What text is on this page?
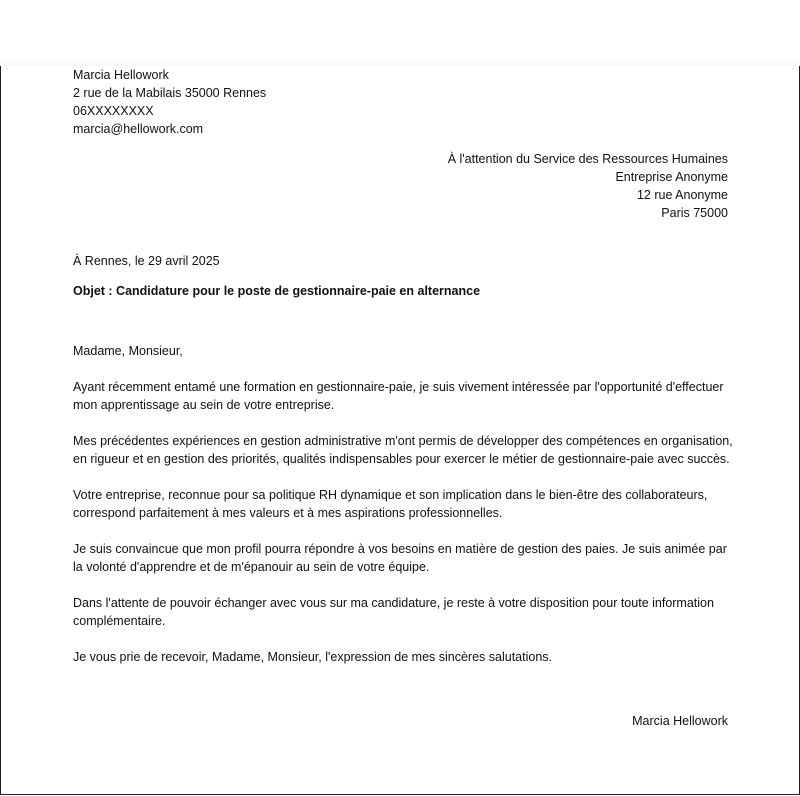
Marcia Hellowork
2 rue de la Mabilais 35000 Rennes
06XXXXXXXX
marcia@hellowork.com
À l'attention du Service des Ressources Humaines
Entreprise Anonyme
12 rue Anonyme
Paris 75000
À Rennes, le 29 avril 2025
Objet : Candidature pour le poste de gestionnaire-paie en alternance

Madame, Monsieur,

Ayant récemment entamé une formation en gestionnaire-paie, je suis vivement intéressée par l'opportunité d'effectuer mon apprentissage au sein de votre entreprise.

Mes précédentes expériences en gestion administrative m'ont permis de développer des compétences en organisation, en rigueur et en gestion des priorités, qualités indispensables pour exercer le métier de gestionnaire-paie avec succès.

Votre entreprise, reconnue pour sa politique RH dynamique et son implication dans le bien-être des collaborateurs, correspond parfaitement à mes valeurs et à mes aspirations professionnelles.

Je suis convaincue que mon profil pourra répondre à vos besoins en matière de gestion des paies. Je suis animée par la volonté d'apprendre et de m'épanouir au sein de votre équipe.

Dans l'attente de pouvoir échanger avec vous sur ma candidature, je reste à votre disposition pour toute information complémentaire.

Je vous prie de recevoir, Madame, Monsieur, l'expression de mes sincères salutations.

Marcia Hellowork
